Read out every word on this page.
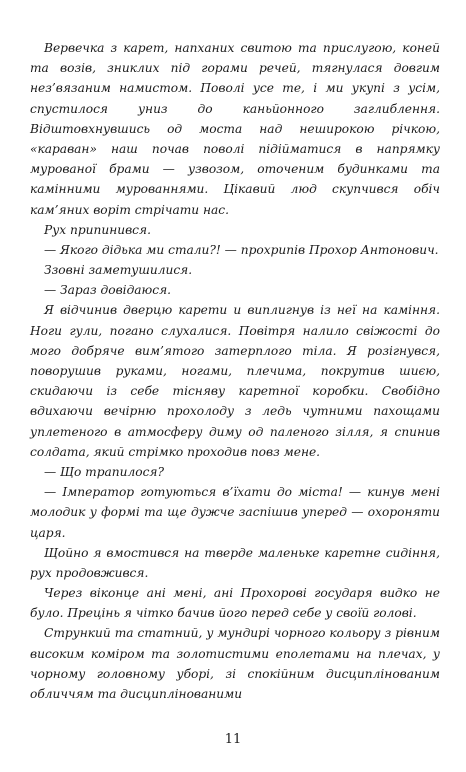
Вервечка з карет, напханих свитою та прислугою, коней та возів, зниклих під горами речей, тягнулася довгим нез’вязаним намистом. Поволі усе те, і ми укупі з усім, спустилося униз до каньйонного заглиблення. Відштовхнувшись од моста над неширокою річкою, «караван» наш почав поволі підійматися в напрямку мурованої брами — узвозом, оточеним будинками та камінними мурованнями. Цікавий люд скупчився обіч кам’яних воріт стрічати нас.

Рух припинився.

— Якого дідька ми стали?! — прохрипів Прохор Антонович.

Ззовні заметушилися.

— Зараз довідаюся.

Я відчинив дверцю карети и виплигнув із неї на каміння. Ноги гули, погано слухалися. Повітря налило свіжості до мого добряче вим’ятого затерплого тіла. Я розігнувся, поворушив руками, ногами, плечима, покрутив шиєю, скидаючи із себе тісняву каретної коробки. Свобідно вдихаючи вечірню прохолоду з ледь чутними пахощами уплетеного в атмосферу диму од паленого зілля, я спинив солдата, який стрімко проходив повз мене.

— Що трапилося?

— Імператор готуються в’їхати до міста! — кинув мені молодик у формі та ще дужче заспішив уперед — охороняти царя.

Щойно я вмостився на тверде маленьке каретне сидіння, рух продовжився.

Через віконце ані мені, ані Прохорові государя видко не було. Прецінь я чітко бачив його перед себе у своїй голові.

Стрункий та статний, у мундирі чорного кольору з рівним високим коміром та золотистими еполетами на плечах, у чорному головному уборі, зі спокійним дисциплінованим обличчям та дисциплінованими

11
